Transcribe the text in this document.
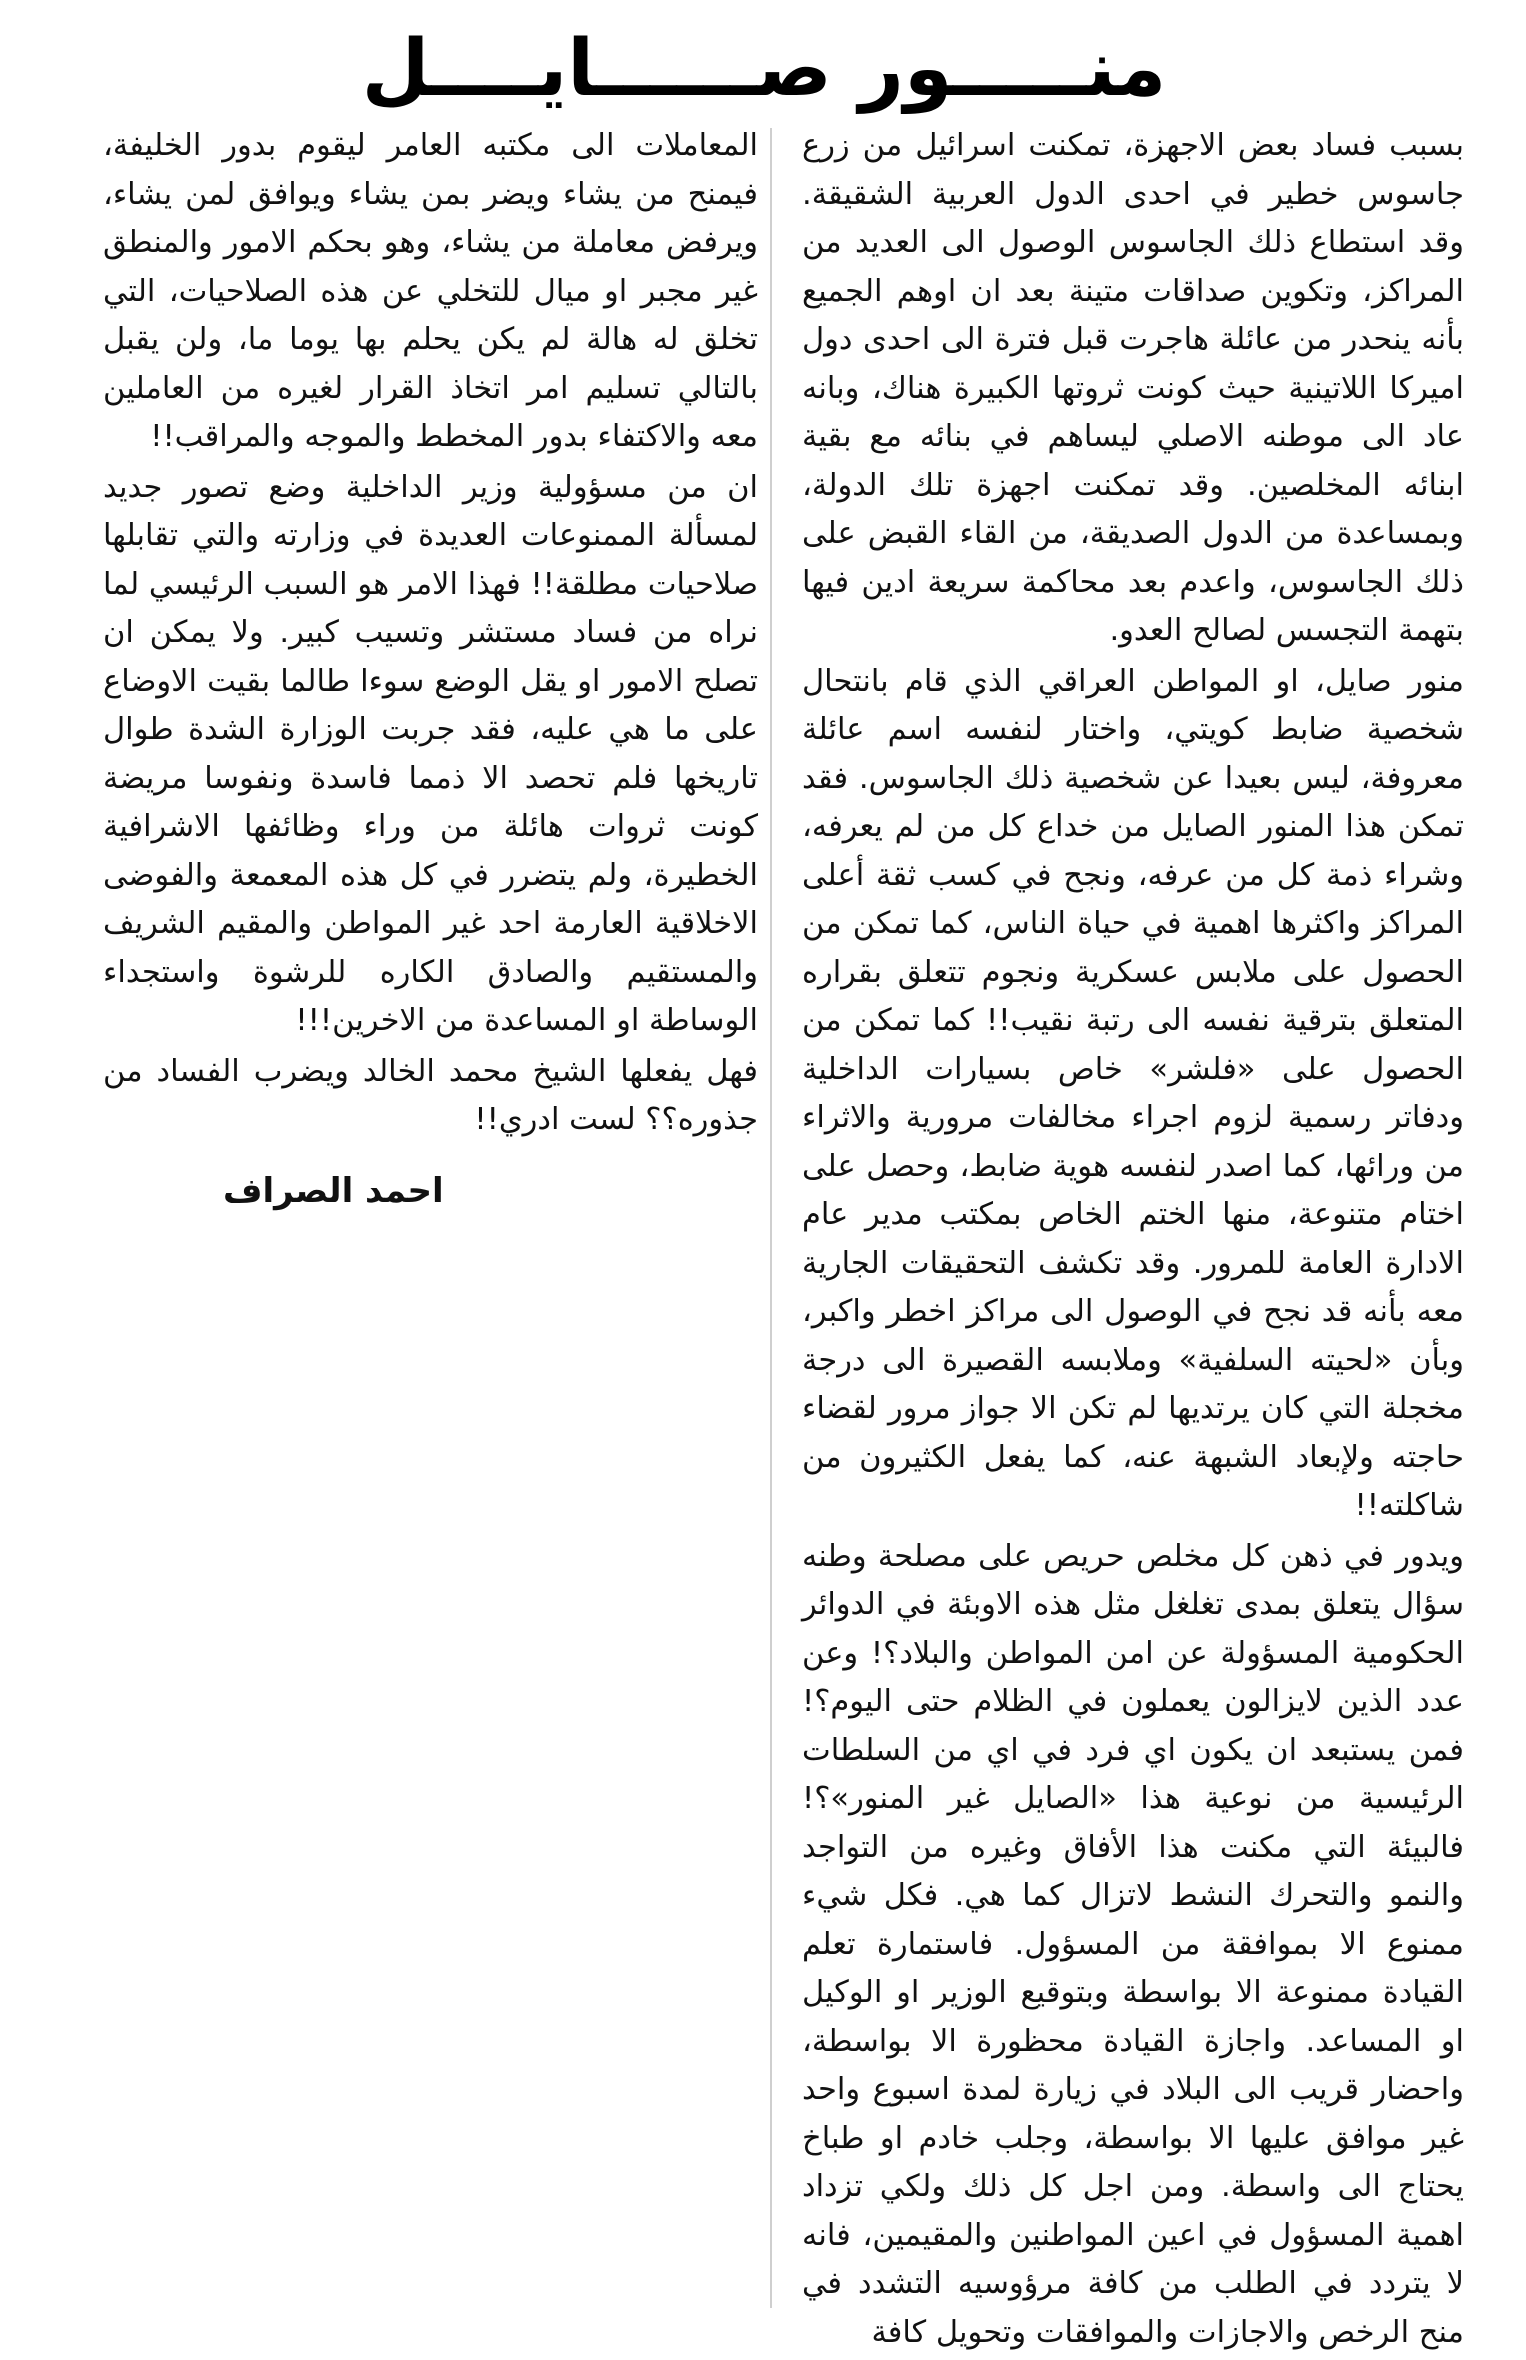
منـــــور صــــــايــــل

بسبب فساد بعض الاجهزة، تمكنت اسرائيل من زرع جاسوس خطير في احدى الدول العربية الشقيقة. وقد استطاع ذلك الجاسوس الوصول الى العديد من المراكز، وتكوين صداقات متينة بعد ان اوهم الجميع بأنه ينحدر من عائلة هاجرت قبل فترة الى احدى دول اميركا اللاتينية حيث كونت ثروتها الكبيرة هناك، وبانه عاد الى موطنه الاصلي ليساهم في بنائه مع بقية ابنائه المخلصين. وقد تمكنت اجهزة تلك الدولة، وبمساعدة من الدول الصديقة، من القاء القبض على ذلك الجاسوس، واعدم بعد محاكمة سريعة ادين فيها بتهمة التجسس لصالح العدو.

منور صايل، او المواطن العراقي الذي قام بانتحال شخصية ضابط كويتي، واختار لنفسه اسم عائلة معروفة، ليس بعيدا عن شخصية ذلك الجاسوس. فقد تمكن هذا المنور الصايل من خداع كل من لم يعرفه، وشراء ذمة كل من عرفه، ونجح في كسب ثقة أعلى المراكز واكثرها اهمية في حياة الناس، كما تمكن من الحصول على ملابس عسكرية ونجوم تتعلق بقراره المتعلق بترقية نفسه الى رتبة نقيب!! كما تمكن من الحصول على «فلشر» خاص بسيارات الداخلية ودفاتر رسمية لزوم اجراء مخالفات مرورية والاثراء من ورائها، كما اصدر لنفسه هوية ضابط، وحصل على اختام متنوعة، منها الختم الخاص بمكتب مدير عام الادارة العامة للمرور. وقد تكشف التحقيقات الجارية معه بأنه قد نجح في الوصول الى مراكز اخطر واكبر، وبأن «لحيته السلفية» وملابسه القصيرة الى درجة مخجلة التي كان يرتديها لم تكن الا جواز مرور لقضاء حاجته ولإبعاد الشبهة عنه، كما يفعل الكثيرون من شاكلته!!

ويدور في ذهن كل مخلص حريص على مصلحة وطنه سؤال يتعلق بمدى تغلغل مثل هذه الاوبئة في الدوائر الحكومية المسؤولة عن امن المواطن والبلاد؟! وعن عدد الذين لايزالون يعملون في الظلام حتى اليوم؟! فمن يستبعد ان يكون اي فرد في اي من السلطات الرئيسية من نوعية هذا «الصايل غير المنور»؟! فالبيئة التي مكنت هذا الأفاق وغيره من التواجد والنمو والتحرك النشط لاتزال كما هي. فكل شيء ممنوع الا بموافقة من المسؤول. فاستمارة تعلم القيادة ممنوعة الا بواسطة وبتوقيع الوزير او الوكيل او المساعد. واجازة القيادة محظورة الا بواسطة، واحضار قريب الى البلاد في زيارة لمدة اسبوع واحد غير موافق عليها الا بواسطة، وجلب خادم او طباخ يحتاج الى واسطة. ومن اجل كل ذلك ولكي تزداد اهمية المسؤول في اعين المواطنين والمقيمين، فانه لا يتردد في الطلب من كافة مرؤوسيه التشدد في منح الرخص والاجازات والموافقات وتحويل كافة

المعاملات الى مكتبه العامر ليقوم بدور الخليفة، فيمنح من يشاء ويضر بمن يشاء ويوافق لمن يشاء، ويرفض معاملة من يشاء، وهو بحكم الامور والمنطق غير مجبر او ميال للتخلي عن هذه الصلاحيات، التي تخلق له هالة لم يكن يحلم بها يوما ما، ولن يقبل بالتالي تسليم امر اتخاذ القرار لغيره من العاملين معه والاكتفاء بدور المخطط والموجه والمراقب!!

ان من مسؤولية وزير الداخلية وضع تصور جديد لمسألة الممنوعات العديدة في وزارته والتي تقابلها صلاحيات مطلقة!! فهذا الامر هو السبب الرئيسي لما نراه من فساد مستشر وتسيب كبير. ولا يمكن ان تصلح الامور او يقل الوضع سوءا طالما بقيت الاوضاع على ما هي عليه، فقد جربت الوزارة الشدة طوال تاريخها فلم تحصد الا ذمما فاسدة ونفوسا مريضة كونت ثروات هائلة من وراء وظائفها الاشرافية الخطيرة، ولم يتضرر في كل هذه المعمعة والفوضى الاخلاقية العارمة احد غير المواطن والمقيم الشريف والمستقيم والصادق الكاره للرشوة واستجداء الوساطة او المساعدة من الاخرين!!!

فهل يفعلها الشيخ محمد الخالد ويضرب الفساد من جذوره؟؟ لست ادري!!

احمد الصراف
